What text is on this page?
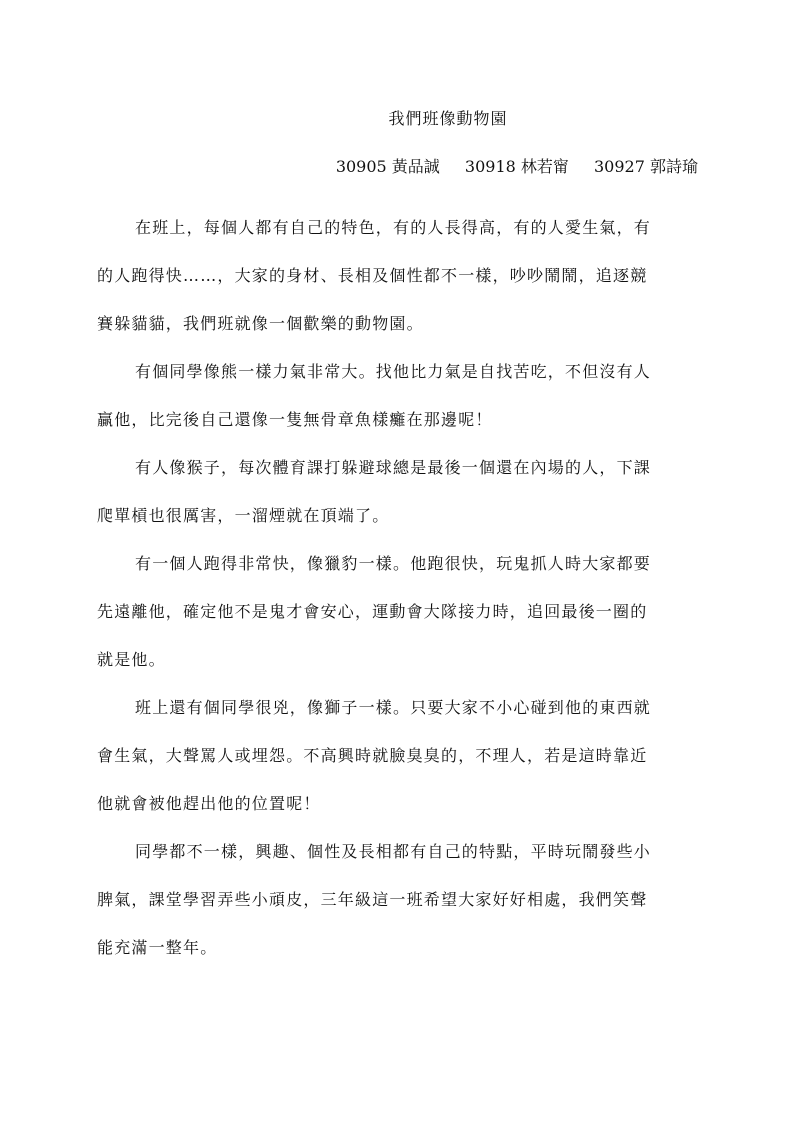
我們班像動物園
30905 黃品誠 30918 林若甯 30927 郭詩瑜

在班上，每個人都有自己的特色，有的人長得高，有的人愛生氣，有
的人跑得快……，大家的身材、長相及個性都不一樣，吵吵鬧鬧，追逐競
賽躲貓貓，我們班就像一個歡樂的動物園。

有個同學像熊一樣力氣非常大。找他比力氣是自找苦吃，不但沒有人
贏他，比完後自己還像一隻無骨章魚樣癱在那邊呢！

有人像猴子，每次體育課打躲避球總是最後一個還在內場的人，下課
爬單槓也很厲害，一溜煙就在頂端了。

有一個人跑得非常快，像獵豹一樣。他跑很快，玩鬼抓人時大家都要
先遠離他，確定他不是鬼才會安心，運動會大隊接力時，追回最後一圈的
就是他。

班上還有個同學很兇，像獅子一樣。只要大家不小心碰到他的東西就
會生氣，大聲罵人或埋怨。不高興時就臉臭臭的，不理人，若是這時靠近
他就會被他趕出他的位置呢！

同學都不一樣，興趣、個性及長相都有自己的特點，平時玩鬧發些小
脾氣，課堂學習弄些小頑皮，三年級這一班希望大家好好相處，我們笑聲
能充滿一整年。
